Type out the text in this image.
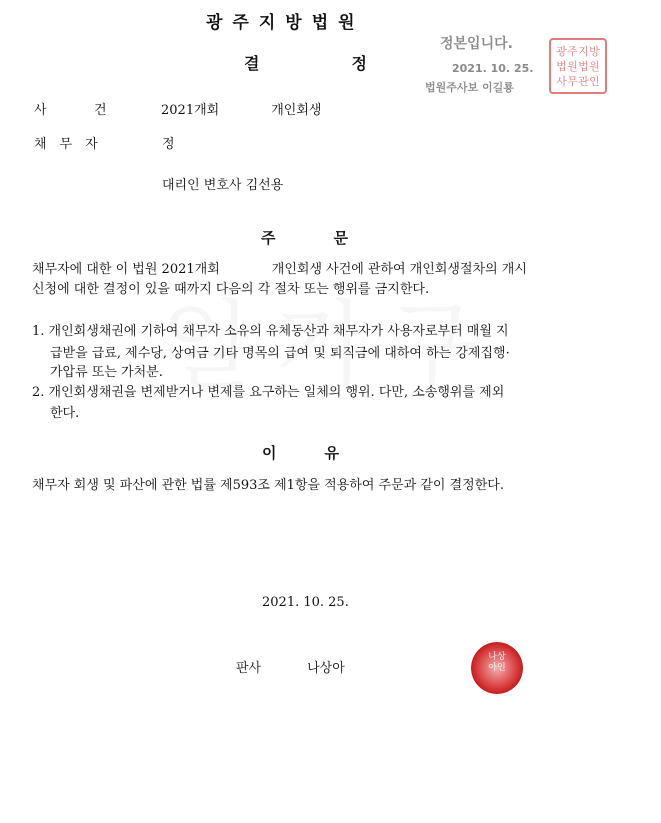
광주지방법원
결	정
정본입니다.
2021. 10. 25.
법원주사보 이길룡
광 주 지 방
법 원 법 원
사 무 관 인
사	건	2021개회	개인회생
채무자	정
대리인 변호사 김선용
주	문
채무자에 대한 이 법원 2021개회	개인회생 사건에 관하여 개인회생절차의 개시
신청에 대한 결정이 있을 때까지 다음의 각 절차 또는 행위를 금지한다.
1. 개인회생채권에 기하여 채무자 소유의 유체동산과 채무자가 사용자로부터 매월 지
급받을 급료, 제수당, 상여금 기타 명목의 급여 및 퇴직금에 대하여 하는 강제집행·
가압류 또는 가처분.
2. 개인회생채권을 변제받거나 변제를 요구하는 일체의 행위. 다만, 소송행위를 제외
한다.
이	유
채무자 회생 및 파산에 관한 법률 제593조 제1항을 적용하여 주문과 같이 결정한다.
2021. 10. 25.
판사	나상아
나상
아인
